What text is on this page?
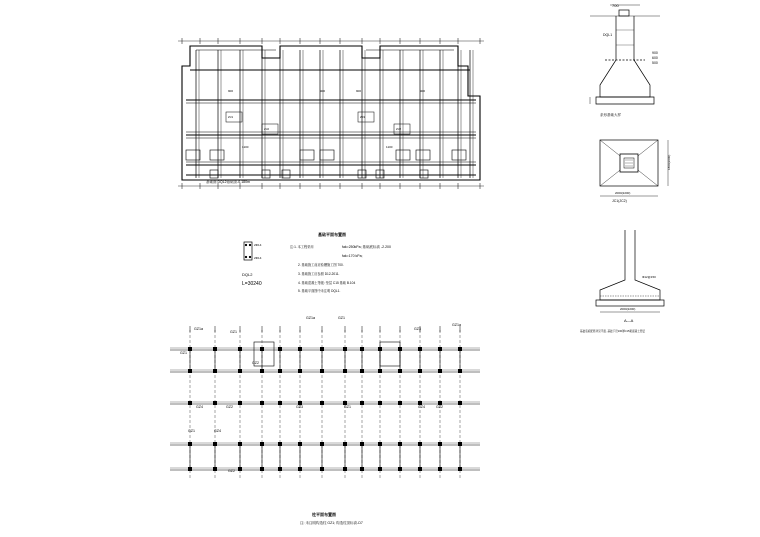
ZJ1
ZJ2
ZJ1
ZJ2
900	900
1100
900	900
1100
基础图 DQL2基础顶-0.180m
700
DQL1
900
600
500
条形基础大样
JC1(JC2)
2000(2200)
1800(2000)
A—A
2000(2200)
Φ12@150
基础底板配筋详见平面, 基础下设100厚C15素混凝土垫层
2Φ14
2Φ14
DQL2
L=30240
基础平面布置图
注:1. 本工程采用	fak=250kPa; 基础底标高 -2.200
fak=170 kPa;
2. 基础施工前应验槽施工图 700.
3. 基础施工应参照 D12-2011.
4. 基础混凝土等级: 垫层 C15 基础 B.104
5. 基础平面图中未注明 DQL1.
GZ1a
GZ1
GZ1a	GZ1
GZ3
GZ1a
GZ2
GZ1
GZ4	GZ2	GZ3	GZ1	GZ4	GZ2
GZ1	GZ4
GZ2
柱平面布置图
注: 未注明构造柱 GZ1; 构造柱顶标高-D7
